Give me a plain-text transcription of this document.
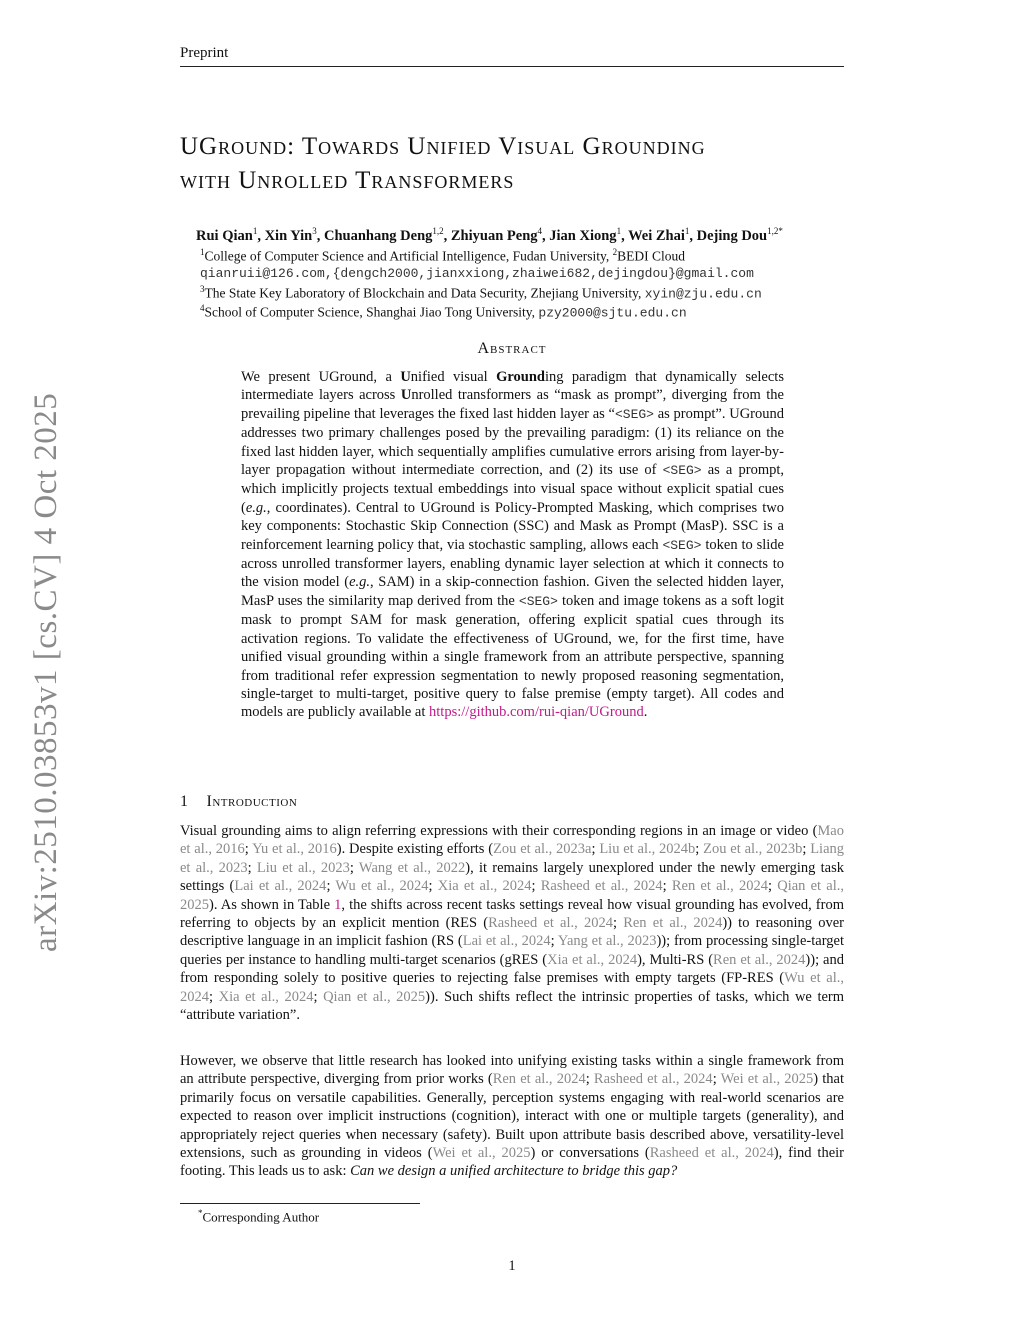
Preprint
arXiv:2510.03853v1 [cs.CV] 4 Oct 2025
UGround: Towards Unified Visual Grounding
with Unrolled Transformers
Rui Qian$^1$, Xin Yin$^3$, Chuanhang Deng$^{1,2}$, Zhiyuan Peng$^4$, Jian Xiong$^1$, Wei Zhai$^1$, Dejing Dou$^{1,2*}$
$^1$College of Computer Science and Artificial Intelligence, Fudan University, $^2$BEDI Cloud
qianruii@126.com,{dengch2000,jianxxiong,zhaiwei682,dejingdou}@gmail.com
$^3$The State Key Laboratory of Blockchain and Data Security, Zhejiang University, xyin@zju.edu.cn
$^4$School of Computer Science, Shanghai Jiao Tong University, pzy2000@sjtu.edu.cn
Abstract
We present UGround, a Unified visual Grounding paradigm that dynamically selects intermediate layers across Unrolled transformers as “mask as prompt”, diverging from the prevailing pipeline that leverages the fixed last hidden layer as “<SEG> as prompt”. UGround addresses two primary challenges posed by the prevailing paradigm: (1) its reliance on the fixed last hidden layer, which sequentially amplifies cumulative errors arising from layer-by-layer propagation without intermediate correction, and (2) its use of <SEG> as a prompt, which implicitly projects textual embeddings into visual space without explicit spatial cues (e.g., coordinates). Central to UGround is Policy-Prompted Masking, which comprises two key components: Stochastic Skip Connection (SSC) and Mask as Prompt (MasP). SSC is a reinforcement learning policy that, via stochastic sampling, allows each <SEG> token to slide across unrolled transformer layers, enabling dynamic layer selection at which it connects to the vision model (e.g., SAM) in a skip-connection fashion. Given the selected hidden layer, MasP uses the similarity map derived from the <SEG> token and image tokens as a soft logit mask to prompt SAM for mask generation, offering explicit spatial cues through its activation regions. To validate the effectiveness of UGround, we, for the first time, have unified visual grounding within a single framework from an attribute perspective, spanning from traditional refer expression segmentation to newly proposed reasoning segmentation, single-target to multi-target, positive query to false premise (empty target). All codes and models are publicly available at https://github.com/rui-qian/UGround.
1 Introduction
Visual grounding aims to align referring expressions with their corresponding regions in an image or video (Mao et al., 2016; Yu et al., 2016). Despite existing efforts (Zou et al., 2023a; Liu et al., 2024b; Zou et al., 2023b; Liang et al., 2023; Liu et al., 2023; Wang et al., 2022), it remains largely unexplored under the newly emerging task settings (Lai et al., 2024; Wu et al., 2024; Xia et al., 2024; Rasheed et al., 2024; Ren et al., 2024; Qian et al., 2025). As shown in Table 1, the shifts across recent tasks settings reveal how visual grounding has evolved, from referring to objects by an explicit mention (RES (Rasheed et al., 2024; Ren et al., 2024)) to reasoning over descriptive language in an implicit fashion (RS (Lai et al., 2024; Yang et al., 2023)); from processing single-target queries per instance to handling multi-target scenarios (gRES (Xia et al., 2024), Multi-RS (Ren et al., 2024)); and from responding solely to positive queries to rejecting false premises with empty targets (FP-RES (Wu et al., 2024; Xia et al., 2024; Qian et al., 2025)). Such shifts reflect the intrinsic properties of tasks, which we term “attribute variation”.
However, we observe that little research has looked into unifying existing tasks within a single framework from an attribute perspective, diverging from prior works (Ren et al., 2024; Rasheed et al., 2024; Wei et al., 2025) that primarily focus on versatile capabilities. Generally, perception systems engaging with real-world scenarios are expected to reason over implicit instructions (cognition), interact with one or multiple targets (generality), and appropriately reject queries when necessary (safety). Built upon attribute basis described above, versatility-level extensions, such as grounding in videos (Wei et al., 2025) or conversations (Rasheed et al., 2024), find their footing. This leads us to ask: Can we design a unified architecture to bridge this gap?
*Corresponding Author
1
